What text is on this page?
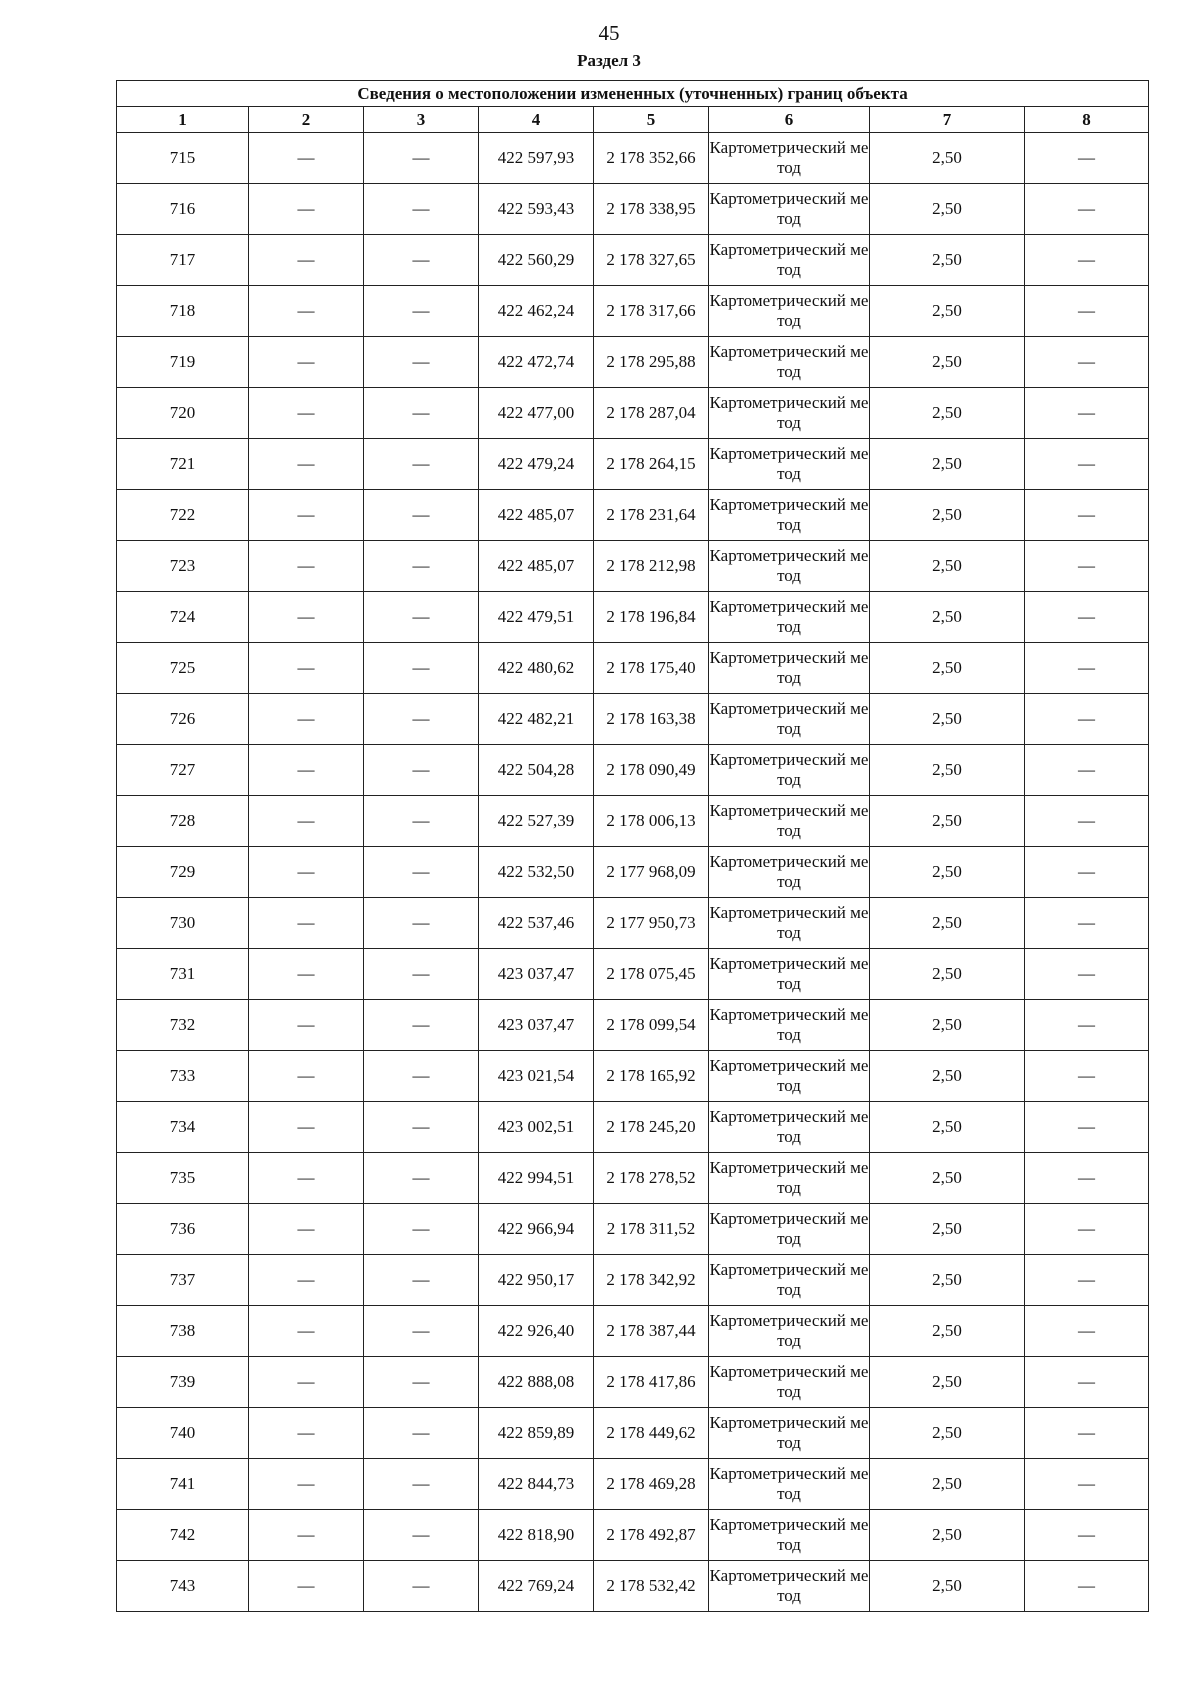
45
Раздел 3
Сведения о местоположении измененных (уточненных) границ объекта							
1	2	3	4	5	6	7	8
715	—	—	422 597,93	2 178 352,66	Картометрический метод	2,50	—
716	—	—	422 593,43	2 178 338,95	Картометрический метод	2,50	—
717	—	—	422 560,29	2 178 327,65	Картометрический метод	2,50	—
718	—	—	422 462,24	2 178 317,66	Картометрический метод	2,50	—
719	—	—	422 472,74	2 178 295,88	Картометрический метод	2,50	—
720	—	—	422 477,00	2 178 287,04	Картометрический метод	2,50	—
721	—	—	422 479,24	2 178 264,15	Картометрический метод	2,50	—
722	—	—	422 485,07	2 178 231,64	Картометрический метод	2,50	—
723	—	—	422 485,07	2 178 212,98	Картометрический метод	2,50	—
724	—	—	422 479,51	2 178 196,84	Картометрический метод	2,50	—
725	—	—	422 480,62	2 178 175,40	Картометрический метод	2,50	—
726	—	—	422 482,21	2 178 163,38	Картометрический метод	2,50	—
727	—	—	422 504,28	2 178 090,49	Картометрический метод	2,50	—
728	—	—	422 527,39	2 178 006,13	Картометрический метод	2,50	—
729	—	—	422 532,50	2 177 968,09	Картометрический метод	2,50	—
730	—	—	422 537,46	2 177 950,73	Картометрический метод	2,50	—
731	—	—	423 037,47	2 178 075,45	Картометрический метод	2,50	—
732	—	—	423 037,47	2 178 099,54	Картометрический метод	2,50	—
733	—	—	423 021,54	2 178 165,92	Картометрический метод	2,50	—
734	—	—	423 002,51	2 178 245,20	Картометрический метод	2,50	—
735	—	—	422 994,51	2 178 278,52	Картометрический метод	2,50	—
736	—	—	422 966,94	2 178 311,52	Картометрический метод	2,50	—
737	—	—	422 950,17	2 178 342,92	Картометрический метод	2,50	—
738	—	—	422 926,40	2 178 387,44	Картометрический метод	2,50	—
739	—	—	422 888,08	2 178 417,86	Картометрический метод	2,50	—
740	—	—	422 859,89	2 178 449,62	Картометрический метод	2,50	—
741	—	—	422 844,73	2 178 469,28	Картометрический метод	2,50	—
742	—	—	422 818,90	2 178 492,87	Картометрический метод	2,50	—
743	—	—	422 769,24	2 178 532,42	Картометрический метод	2,50	—
